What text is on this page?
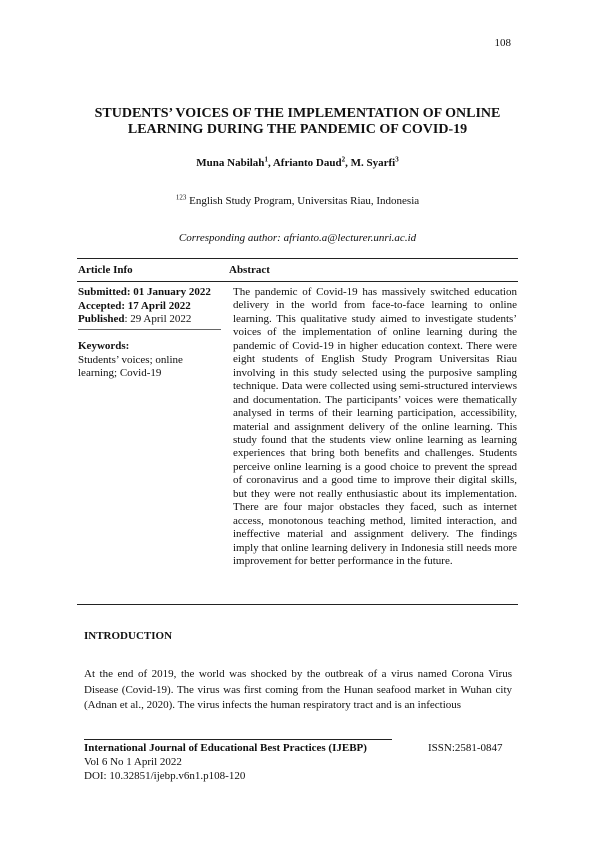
108
STUDENTS’ VOICES OF THE IMPLEMENTATION OF ONLINE
LEARNING DURING THE PANDEMIC OF COVID-19
Muna Nabilah$^1$, Afrianto Daud$^2$, M. Syarfi$^3$
$^{123}$ English Study Program, Universitas Riau, Indonesia
Corresponding author: afrianto.a@lecturer.unri.ac.id
Article Info	Abstract
Submitted: 01 January 2022
Accepted: 17 April 2022
Published: 29 April 2022
Keywords:
Students’ voices; online
learning; Covid-19
The pandemic of Covid-19 has massively switched education delivery in the world from face-to-face learning to online learning. This qualitative study aimed to investigate students’ voices of the implementation of online learning during the pandemic of Covid-19 in higher education context. There were eight students of English Study Program Universitas Riau involving in this study selected using the purposive sampling technique. Data were collected using semi-structured interviews and documentation. The participants’ voices were thematically analysed in terms of their learning participation, accessibility, material and assignment delivery of the online learning. This study found that the students view online learning as learning experiences that bring both benefits and challenges. Students perceive online learning is a good choice to prevent the spread of coronavirus and a good time to improve their digital skills, but they were not really enthusiastic about its implementation. There are four major obstacles they faced, such as internet access, monotonous teaching method, limited interaction, and ineffective material and assignment delivery. The findings imply that online learning delivery in Indonesia still needs more improvement for better performance in the future.
INTRODUCTION
At the end of 2019, the world was shocked by the outbreak of a virus named Corona Virus Disease (Covid-19). The virus was first coming from the Hunan seafood market in Wuhan city (Adnan et al., 2020). The virus infects the human respiratory tract and is an infectious
International Journal of Educational Best Practices (IJEBP)	ISSN:2581-0847
Vol 6 No 1 April 2022
DOI: 10.32851/ijebp.v6n1.p108-120
